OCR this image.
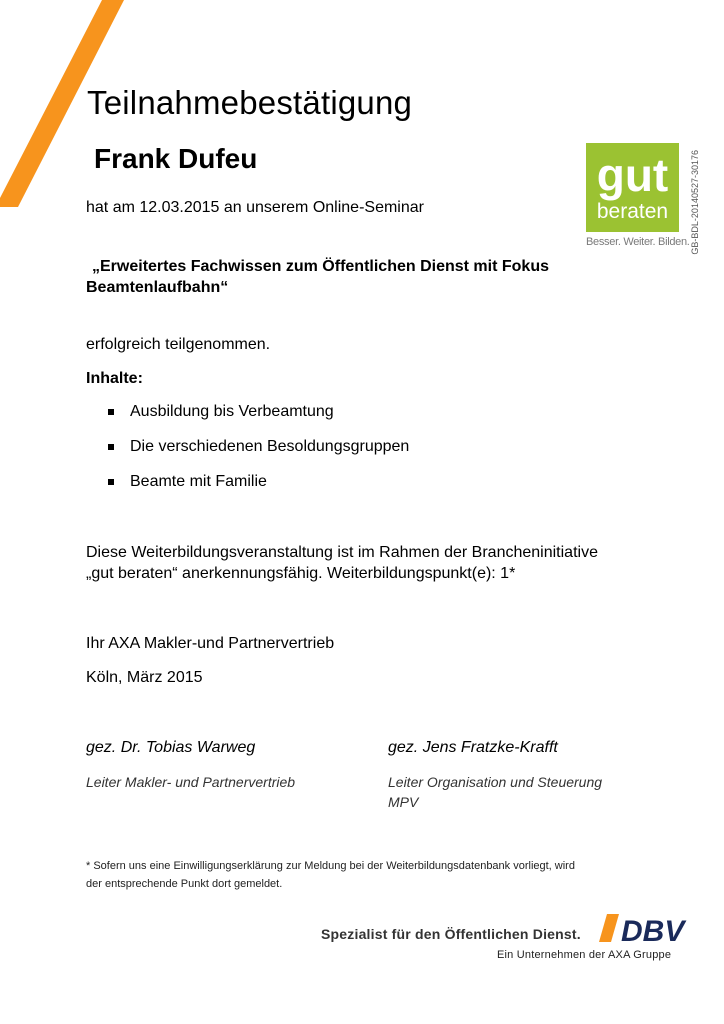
Teilnahmebestätigung
Frank Dufeu
hat am 12.03.2015 an unserem Online-Seminar
„Erweitertes Fachwissen zum Öffentlichen Dienst mit Fokus
Beamtenlaufbahn“
erfolgreich teilgenommen.
Inhalte:
Ausbildung bis Verbeamtung
Die verschiedenen Besoldungsgruppen
Beamte mit Familie
Diese Weiterbildungsveranstaltung ist im Rahmen der Brancheninitiative
„gut beraten“ anerkennungsfähig. Weiterbildungspunkt(e): 1*
Ihr AXA Makler-und Partnervertrieb
Köln, März 2015
gez. Dr. Tobias Warweg
Leiter Makler- und Partnervertrieb
gez. Jens Fratzke-Krafft
Leiter Organisation und Steuerung
MPV
* Sofern uns eine Einwilligungserklärung zur Meldung bei der Weiterbildungsdatenbank vorliegt, wird
der entsprechende Punkt dort gemeldet.
gut
beraten
Besser. Weiter. Bilden. GB-BDL-20140527-30176
Spezialist für den Öffentlichen Dienst. DBV
Ein Unternehmen der AXA Gruppe
